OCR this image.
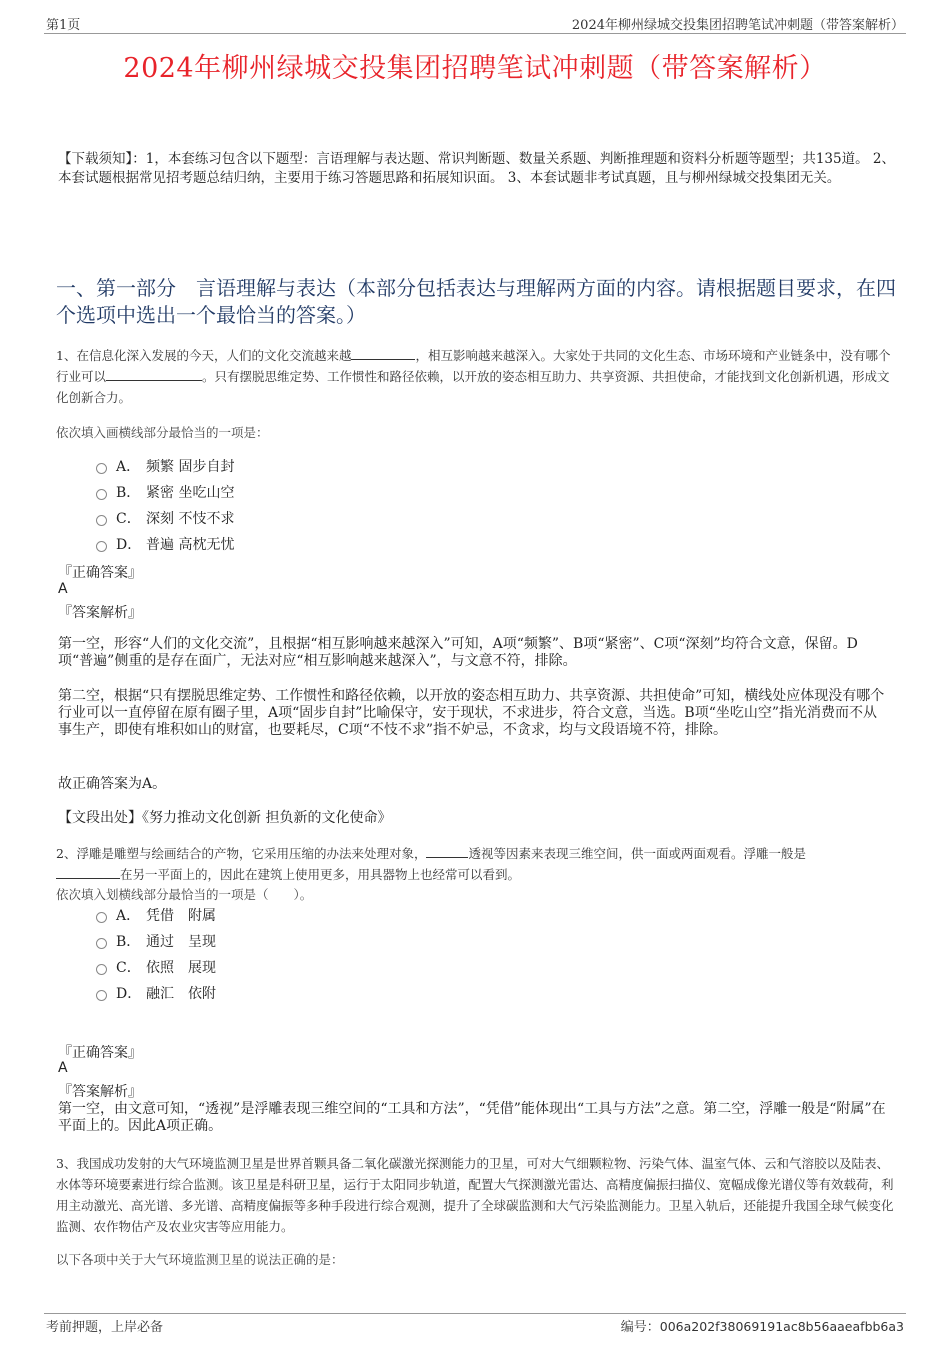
第1页	2024年柳州绿城交投集团招聘笔试冲刺题（带答案解析）
2024年柳州绿城交投集团招聘笔试冲刺题（带答案解析）
【下载须知】：1，本套练习包含以下题型：言语理解与表达题、常识判断题、数量关系题、判断推理题和资料分析题等题型；共135道。 2、本套试题根据常见招考题总结归纳，主要用于练习答题思路和拓展知识面。 3、本套试题非考试真题，且与柳州绿城交投集团无关。
一、第一部分　言语理解与表达（本部分包括表达与理解两方面的内容。请根据题目要求，在四个选项中选出一个最恰当的答案。）
1、在信息化深入发展的今天，人们的文化交流越来越	，相互影响越来越深入。大家处于共同的文化生态、市场环境和产业链条中，没有哪个行业可以	。只有摆脱思维定势、工作惯性和路径依赖，以开放的姿态相互助力、共享资源、共担使命，才能找到文化创新机遇，形成文化创新合力。
依次填入画横线部分最恰当的一项是：
A． 频繁 固步自封
B． 紧密 坐吃山空
C． 深刻 不忮不求
D． 普遍 高枕无忧
『正确答案』
A
『答案解析』
第一空，形容“人们的文化交流”，且根据“相互影响越来越深入”可知，A项“频繁”、B项“紧密”、C项“深刻”均符合文意，保留。D项“普遍”侧重的是存在面广，无法对应“相互影响越来越深入”，与文意不符，排除。
第二空，根据“只有摆脱思维定势、工作惯性和路径依赖，以开放的姿态相互助力、共享资源、共担使命”可知，横线处应体现没有哪个行业可以一直停留在原有圈子里，A项“固步自封”比喻保守，安于现状，不求进步，符合文意，当选。B项“坐吃山空”指光消费而不从事生产，即使有堆积如山的财富，也要耗尽，C项“不忮不求”指不妒忌，不贪求，均与文段语境不符，排除。
故正确答案为A。
【文段出处】《努力推动文化创新 担负新的文化使命》
2、浮雕是雕塑与绘画结合的产物，它采用压缩的办法来处理对象，	透视等因素来表现三维空间，供一面或两面观看。浮雕一般是
在另一平面上的，因此在建筑上使用更多，用具器物上也经常可以看到。
依次填入划横线部分最恰当的一项是（　　）。
A． 凭借　附属
B． 通过　呈现
C． 依照　展现
D． 融汇　依附
『正确答案』
A
『答案解析』
第一空，由文意可知，“透视”是浮雕表现三维空间的“工具和方法”，“凭借”能体现出“工具与方法”之意。第二空，浮雕一般是“附属”在平面上的。因此A项正确。
3、我国成功发射的大气环境监测卫星是世界首颗具备二氧化碳激光探测能力的卫星，可对大气细颗粒物、污染气体、温室气体、云和气溶胶以及陆表、水体等环境要素进行综合监测。该卫星是科研卫星，运行于太阳同步轨道，配置大气探测激光雷达、高精度偏振扫描仪、宽幅成像光谱仪等有效载荷，利用主动激光、高光谱、多光谱、高精度偏振等多种手段进行综合观测，提升了全球碳监测和大气污染监测能力。卫星入轨后，还能提升我国全球气候变化监测、农作物估产及农业灾害等应用能力。
以下各项中关于大气环境监测卫星的说法正确的是：
考前押题，上岸必备	编号：006a202f38069191ac8b56aaeafbb6a3
